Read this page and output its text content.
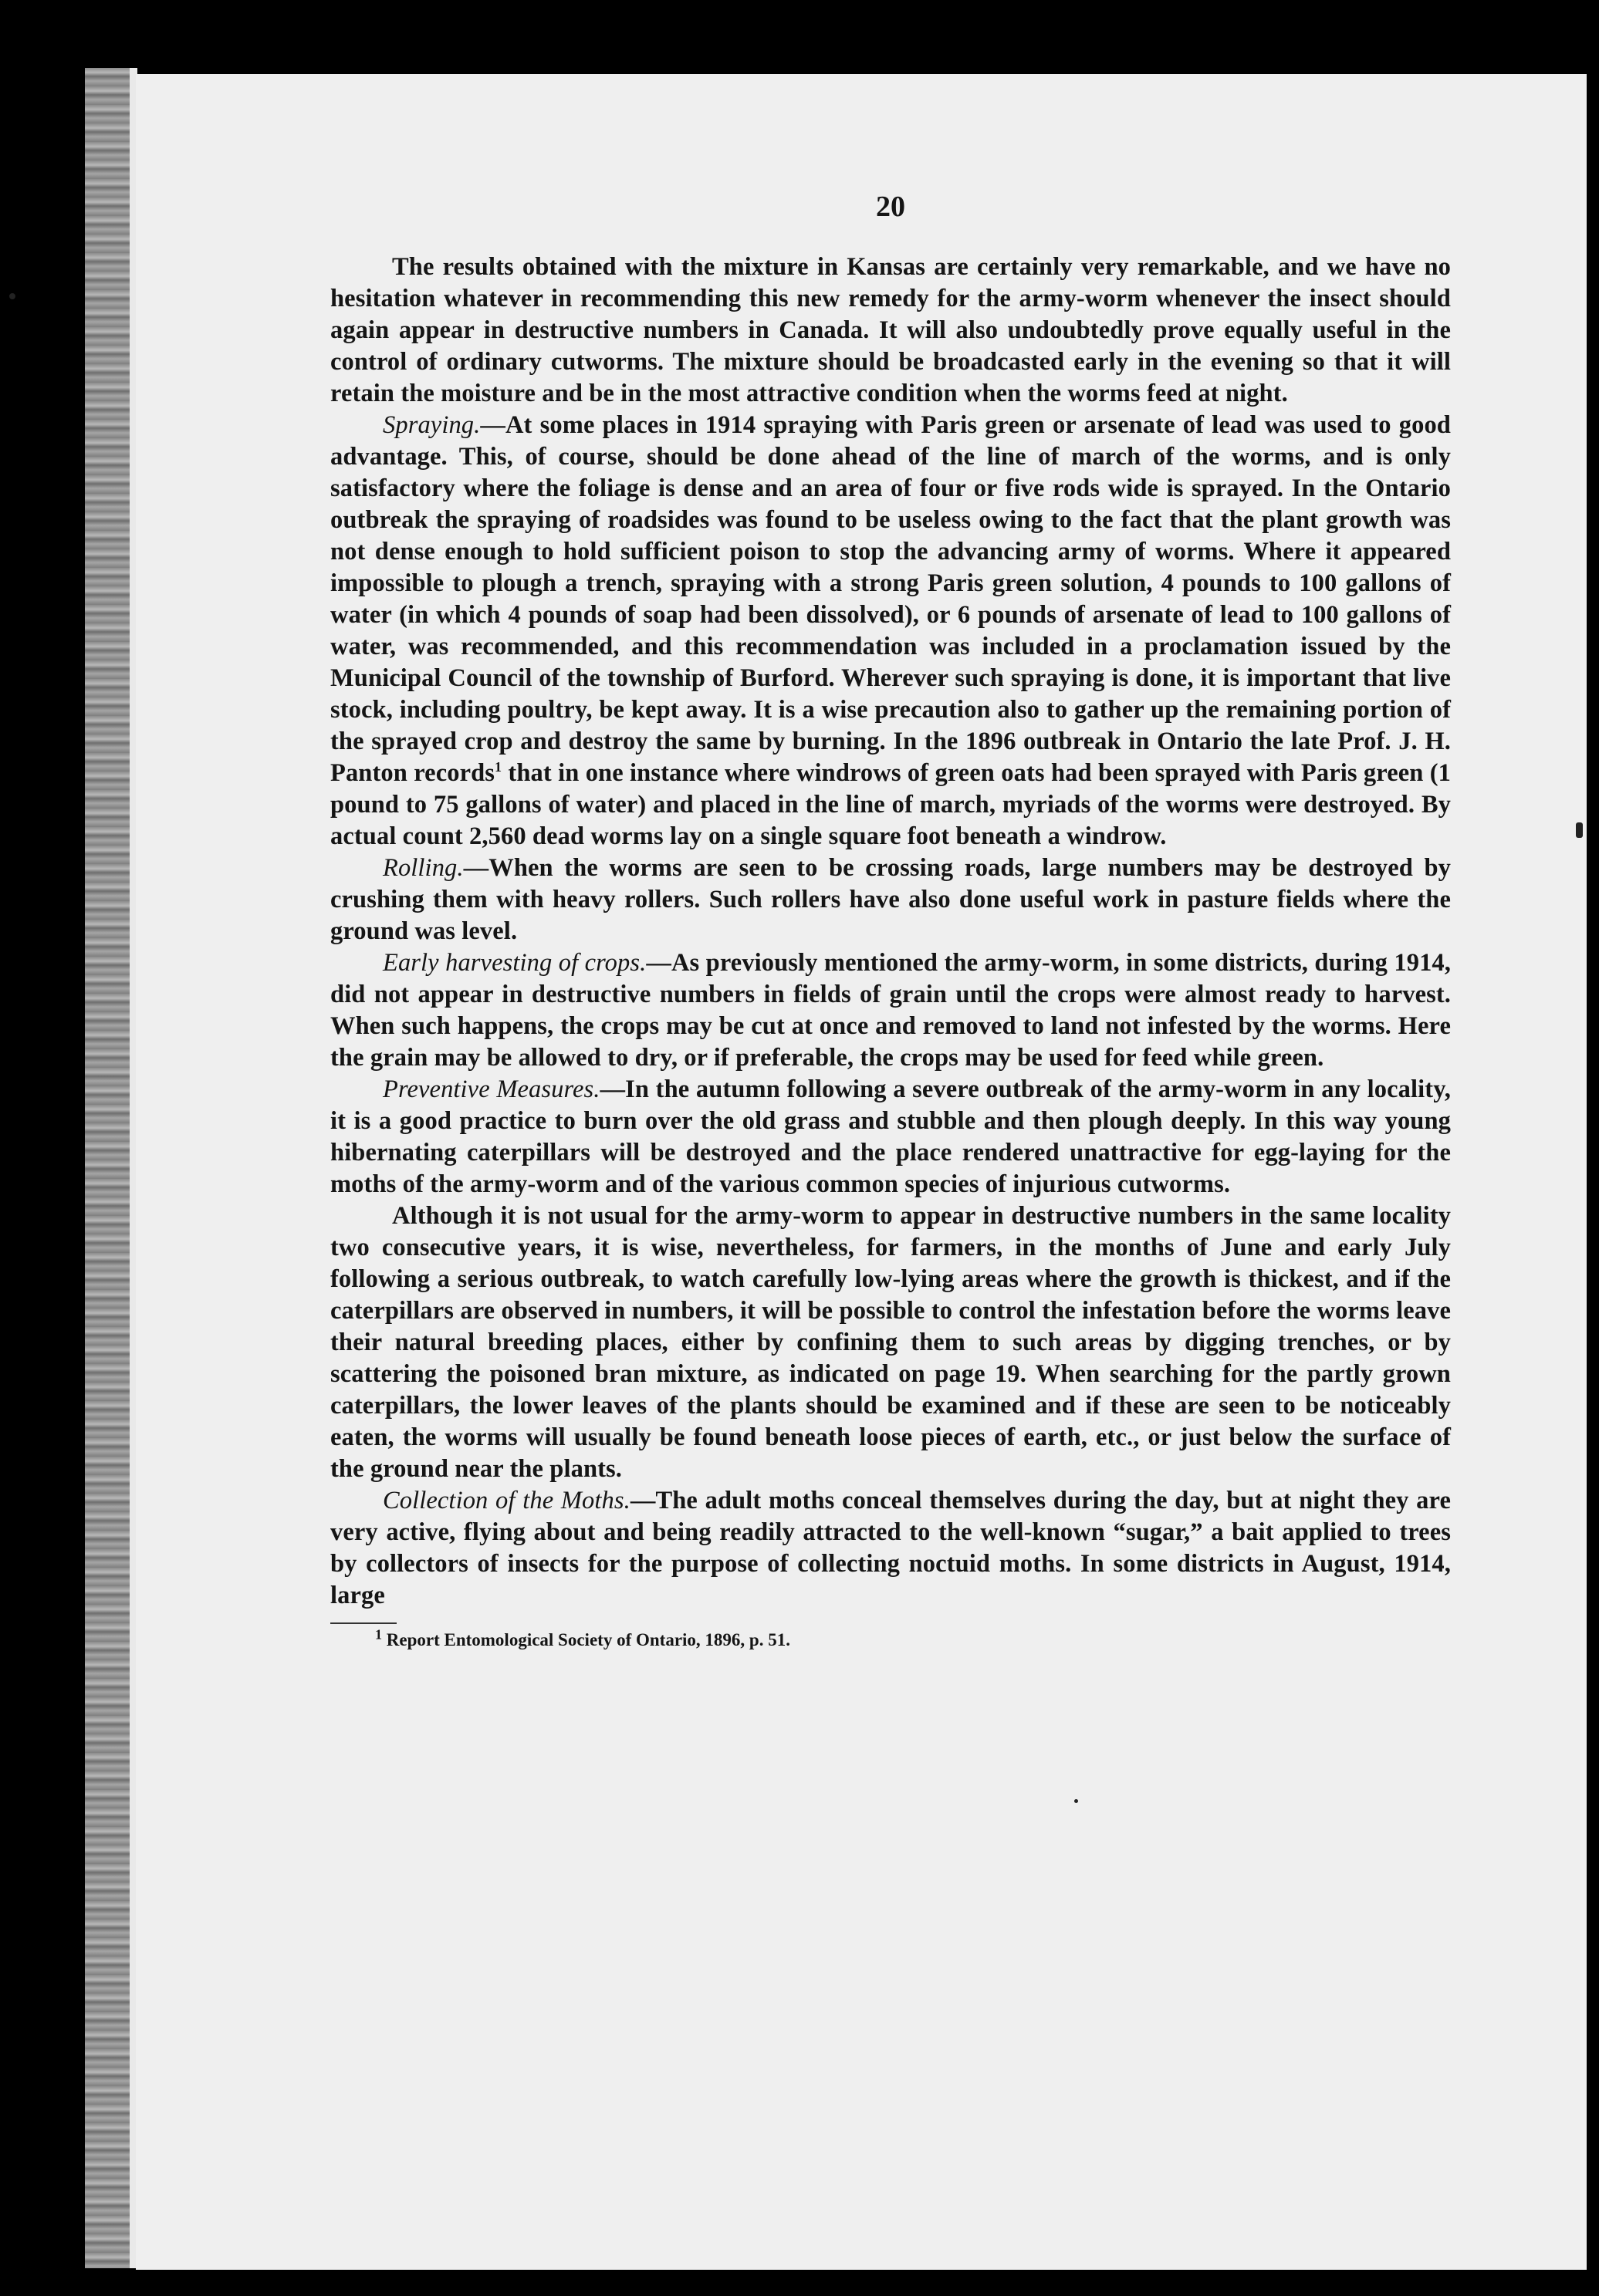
20

The results obtained with the mixture in Kansas are certainly very remarkable, and we have no hesitation whatever in recommending this new remedy for the army-worm whenever the insect should again appear in destructive numbers in Canada. It will also undoubtedly prove equally useful in the control of ordinary cutworms. The mixture should be broadcasted early in the evening so that it will retain the moisture and be in the most attractive condition when the worms feed at night.

Spraying.—At some places in 1914 spraying with Paris green or arsenate of lead was used to good advantage. This, of course, should be done ahead of the line of march of the worms, and is only satisfactory where the foliage is dense and an area of four or five rods wide is sprayed. In the Ontario outbreak the spraying of roadsides was found to be useless owing to the fact that the plant growth was not dense enough to hold sufficient poison to stop the advancing army of worms. Where it appeared impossible to plough a trench, spraying with a strong Paris green solution, 4 pounds to 100 gallons of water (in which 4 pounds of soap had been dissolved), or 6 pounds of arsenate of lead to 100 gallons of water, was recommended, and this recommendation was included in a proclamation issued by the Municipal Council of the township of Burford. Wherever such spraying is done, it is important that live stock, including poultry, be kept away. It is a wise precaution also to gather up the remaining portion of the sprayed crop and destroy the same by burning. In the 1896 outbreak in Ontario the late Prof. J. H. Panton records$^1$ that in one instance where windrows of green oats had been sprayed with Paris green (1 pound to 75 gallons of water) and placed in the line of march, myriads of the worms were destroyed. By actual count 2,560 dead worms lay on a single square foot beneath a windrow.

Rolling.—When the worms are seen to be crossing roads, large numbers may be destroyed by crushing them with heavy rollers. Such rollers have also done useful work in pasture fields where the ground was level.

Early harvesting of crops.—As previously mentioned the army-worm, in some districts, during 1914, did not appear in destructive numbers in fields of grain until the crops were almost ready to harvest. When such happens, the crops may be cut at once and removed to land not infested by the worms. Here the grain may be allowed to dry, or if preferable, the crops may be used for feed while green.

Preventive Measures.—In the autumn following a severe outbreak of the army-worm in any locality, it is a good practice to burn over the old grass and stubble and then plough deeply. In this way young hibernating caterpillars will be destroyed and the place rendered unattractive for egg-laying for the moths of the army-worm and of the various common species of injurious cutworms.

Although it is not usual for the army-worm to appear in destructive numbers in the same locality two consecutive years, it is wise, nevertheless, for farmers, in the months of June and early July following a serious outbreak, to watch carefully low-lying areas where the growth is thickest, and if the caterpillars are observed in numbers, it will be possible to control the infestation before the worms leave their natural breeding places, either by confining them to such areas by digging trenches, or by scattering the poisoned bran mixture, as indicated on page 19. When searching for the partly grown caterpillars, the lower leaves of the plants should be examined and if these are seen to be noticeably eaten, the worms will usually be found beneath loose pieces of earth, etc., or just below the surface of the ground near the plants.

Collection of the Moths.—The adult moths conceal themselves during the day, but at night they are very active, flying about and being readily attracted to the well-known “sugar,” a bait applied to trees by collectors of insects for the purpose of collecting noctuid moths. In some districts in August, 1914, large

$^1$ Report Entomological Society of Ontario, 1896, p. 51.
